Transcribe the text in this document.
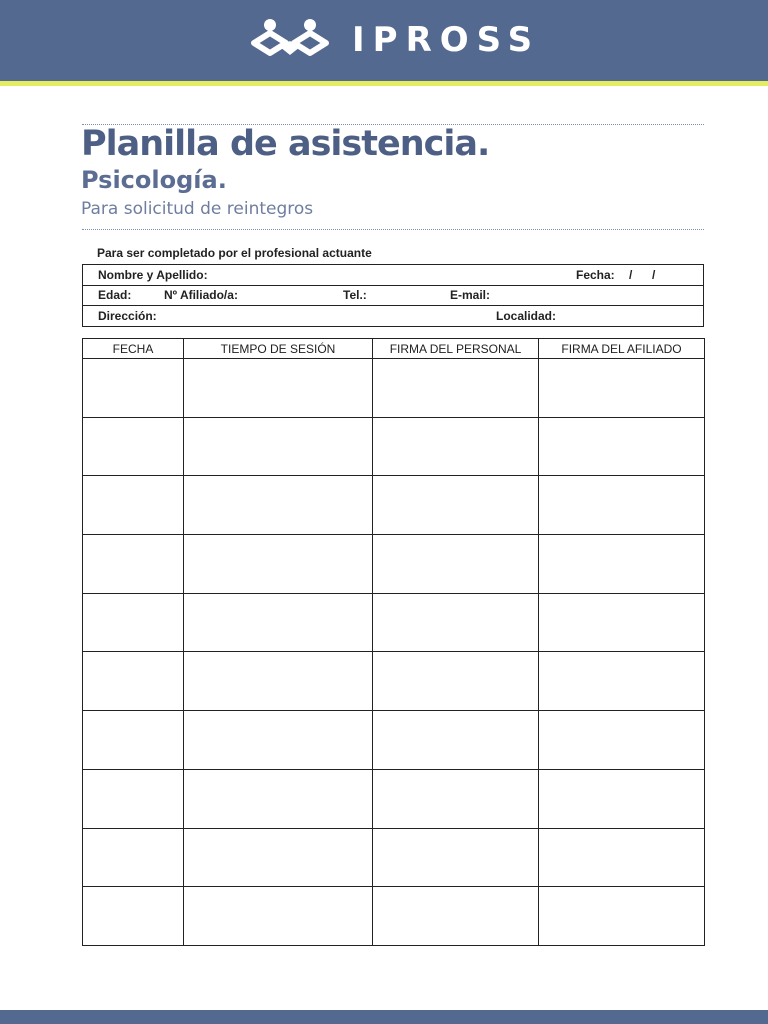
IPROSS
Planilla de asistencia.
Psicología.
Para solicitud de reintegros
Para ser completado por el profesional actuante
Nombre y Apellido:	Fecha: / /
Edad:	Nº Afiliado/a:	Tel.:	E-mail:
Dirección:	Localidad:
FECHA	TIEMPO DE SESIÓN	FIRMA DEL PERSONAL	FIRMA DEL AFILIADO
